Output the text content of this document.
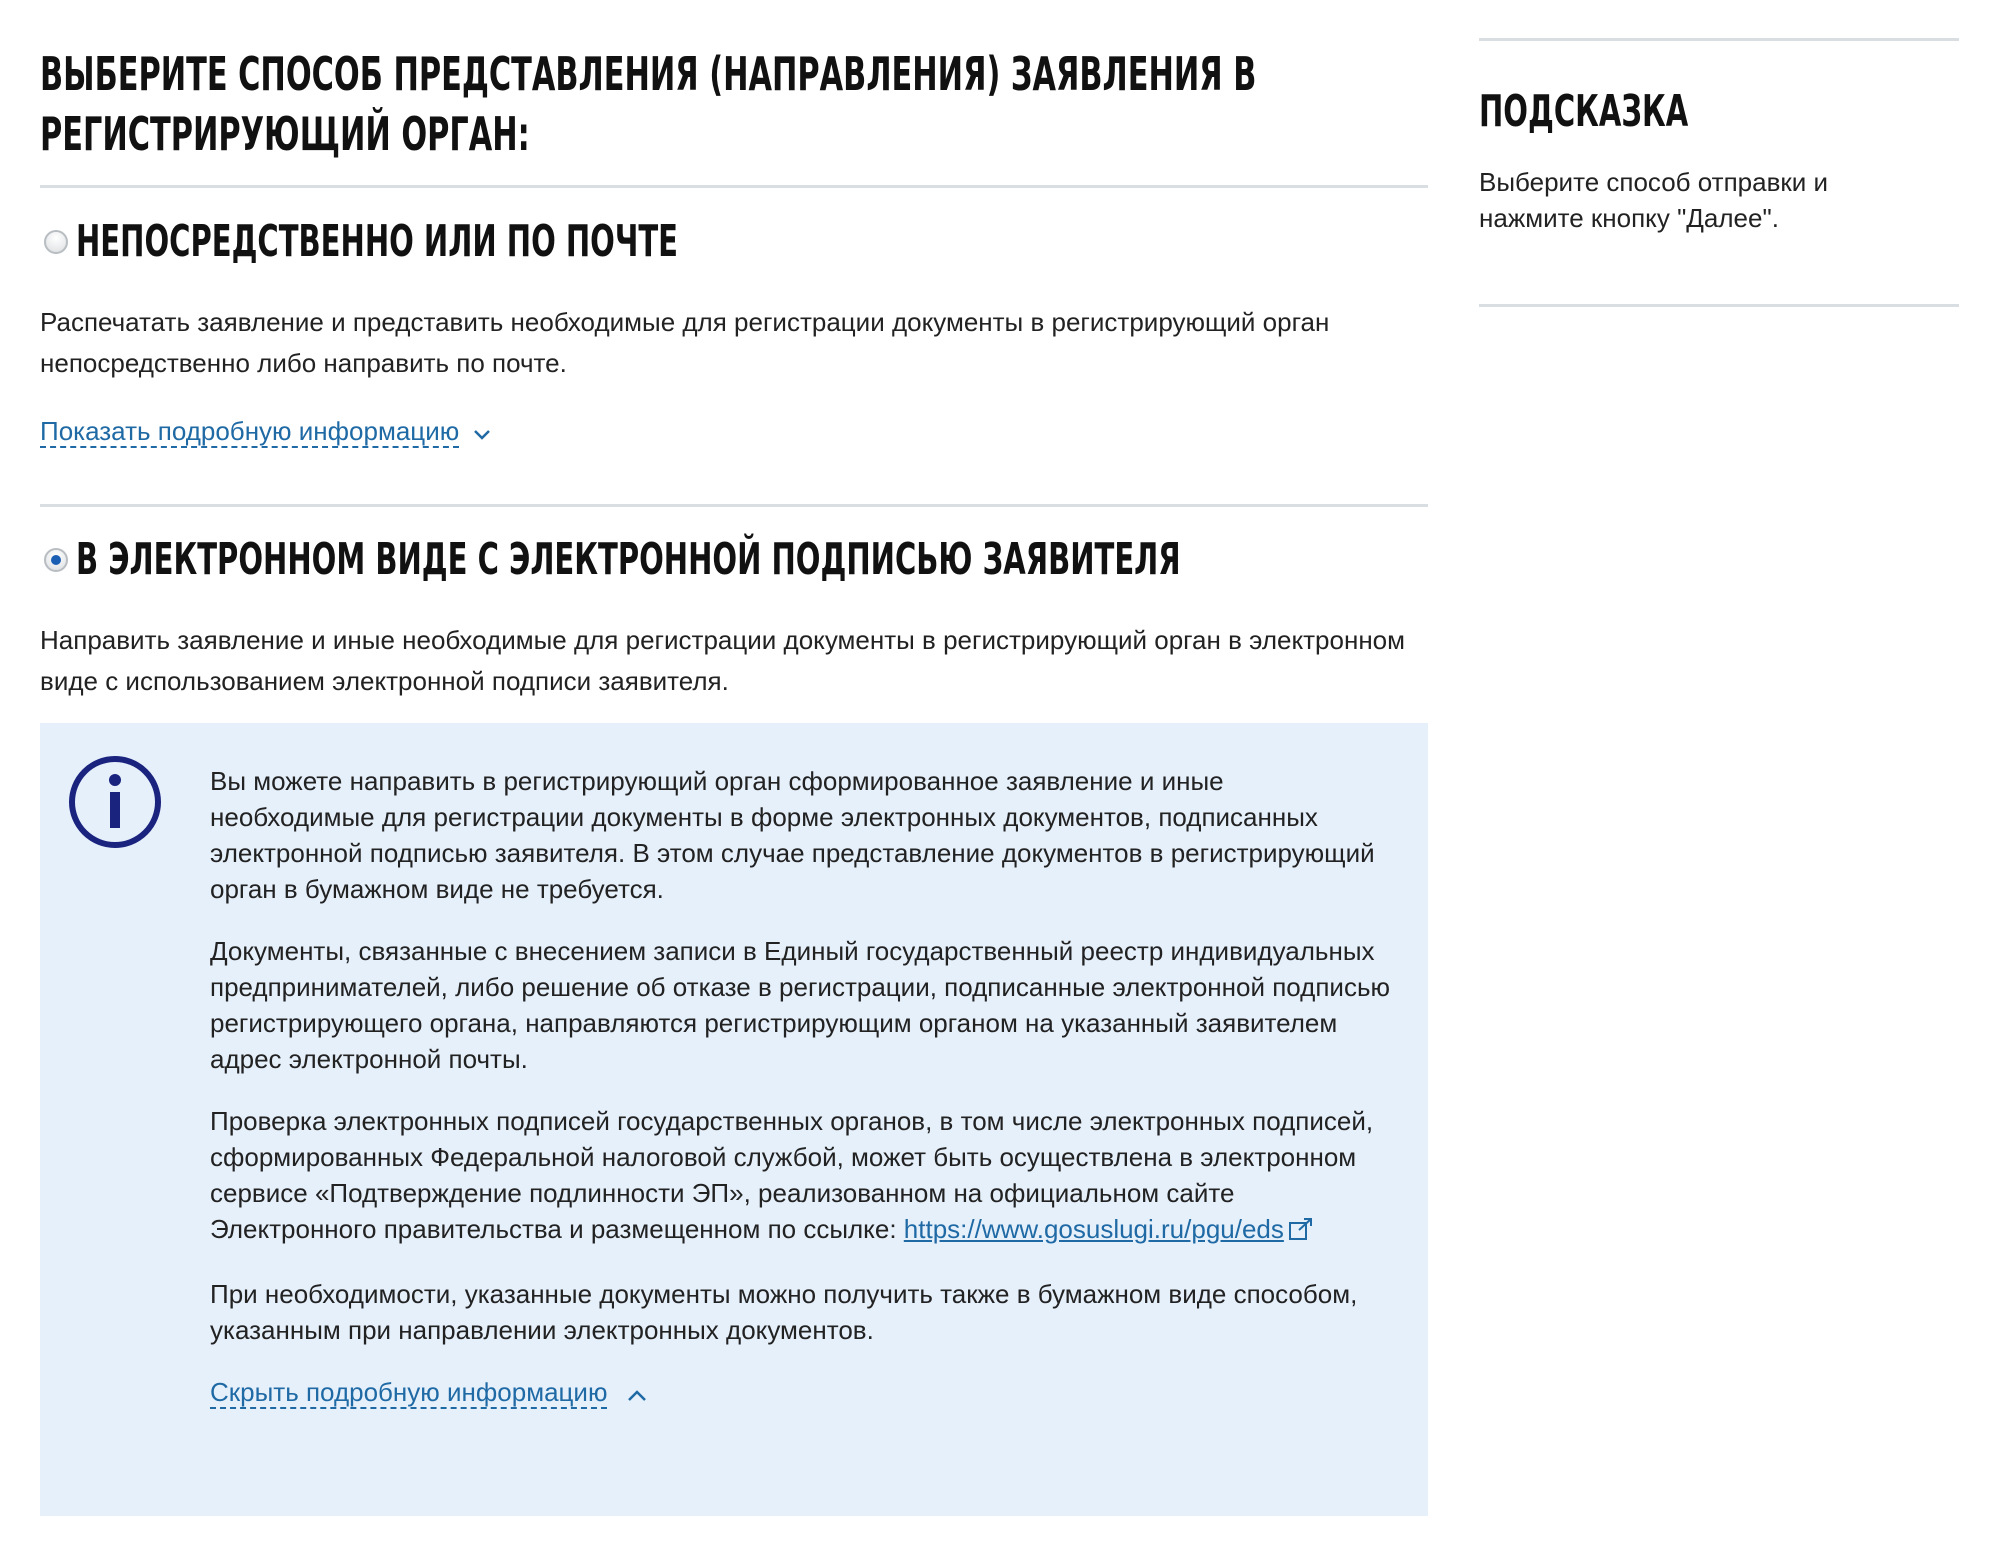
ВЫБЕРИТЕ СПОСОБ ПРЕДСТАВЛЕНИЯ (НАПРАВЛЕНИЯ) ЗАЯВЛЕНИЯ В
РЕГИСТРИРУЮЩИЙ ОРГАН:
НЕПОСРЕДСТВЕННО ИЛИ ПО ПОЧТЕ
Распечатать заявление и представить необходимые для регистрации документы в регистрирующий орган непосредственно либо направить по почте.
Показать подробную информацию
В ЭЛЕКТРОННОМ ВИДЕ С ЭЛЕКТРОННОЙ ПОДПИСЬЮ ЗАЯВИТЕЛЯ
Направить заявление и иные необходимые для регистрации документы в регистрирующий орган в электронном виде с использованием электронной подписи заявителя.

Вы можете направить в регистрирующий орган сформированное заявление и иные необходимые для регистрации документы в форме электронных документов, подписанных электронной подписью заявителя. В этом случае представление документов в регистрирующий орган в бумажном виде не требуется.

Документы, связанные с внесением записи в Единый государственный реестр индивидуальных предпринимателей, либо решение об отказе в регистрации, подписанные электронной подписью регистрирующего органа, направляются регистрирующим органом на указанный заявителем адрес электронной почты.

Проверка электронных подписей государственных органов, в том числе электронных подписей, сформированных Федеральной налоговой службой, может быть осуществлена в электронном сервисе «Подтверждение подлинности ЭП», реализованном на официальном сайте Электронного правительства и размещенном по ссылке: https://www.gosuslugi.ru/pgu/eds

При необходимости, указанные документы можно получить также в бумажном виде способом, указанным при направлении электронных документов.

Скрыть подробную информацию
ПОДСКАЗКА
Выберите способ отправки и нажмите кнопку "Далее".
